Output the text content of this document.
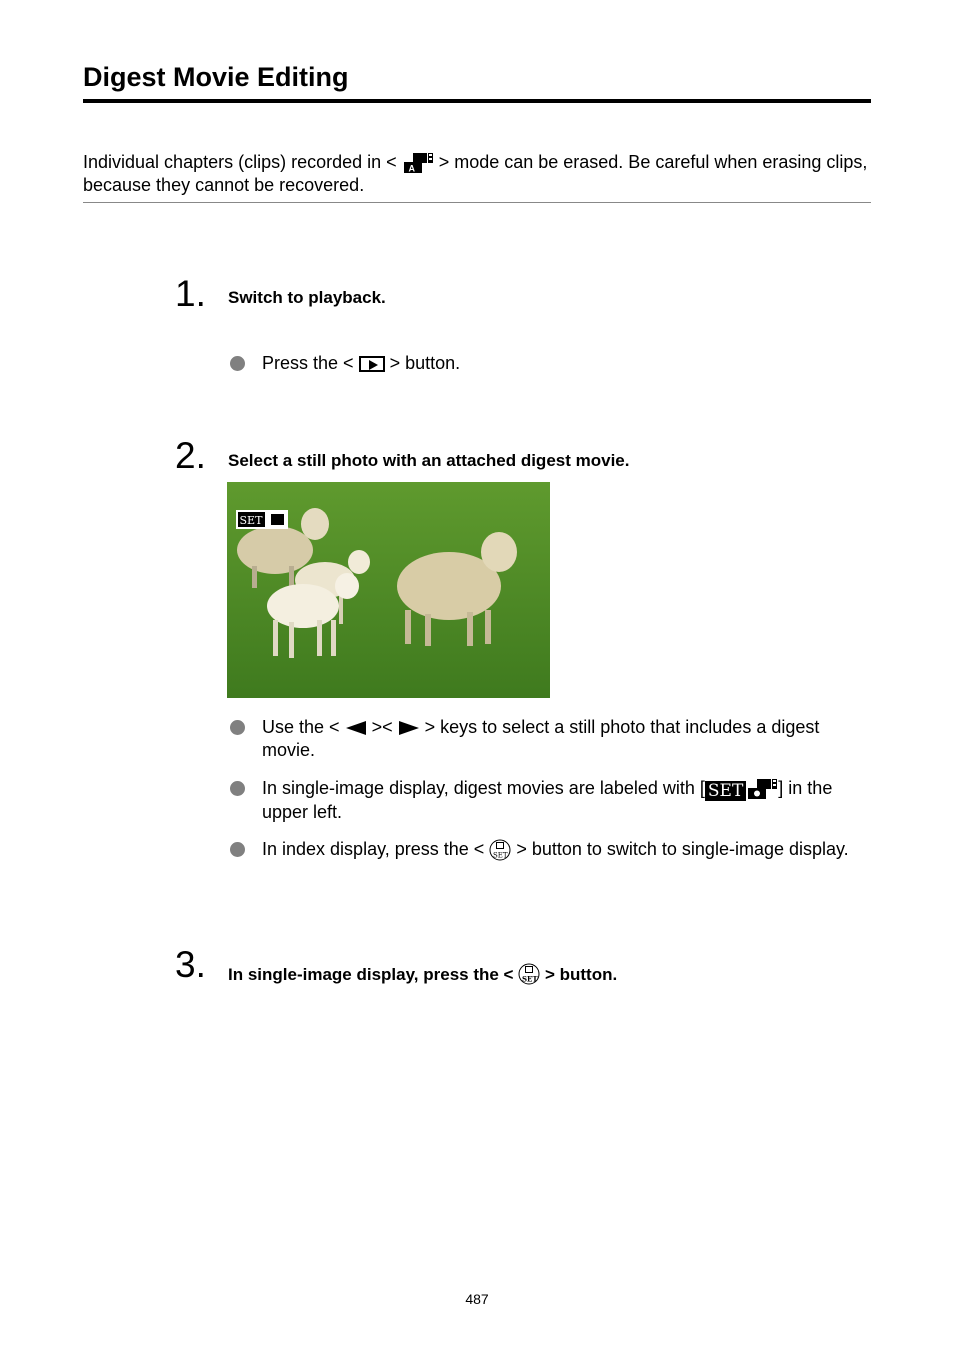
Digest Movie Editing
Individual chapters (clips) recorded in < A > mode can be erased. Be careful when erasing clips, because they cannot be recovered.
1. Switch to playback.
Press the < > button.
2. Select a still photo with an attached digest movie.
SET
Use the < >< > keys to select a still photo that includes a digest movie.
In single-image display, digest movies are labeled with [ SET ] in the upper left.
In index display, press the < SET > button to switch to single-image display.
3. In single-image display, press the < SET > button.
487
